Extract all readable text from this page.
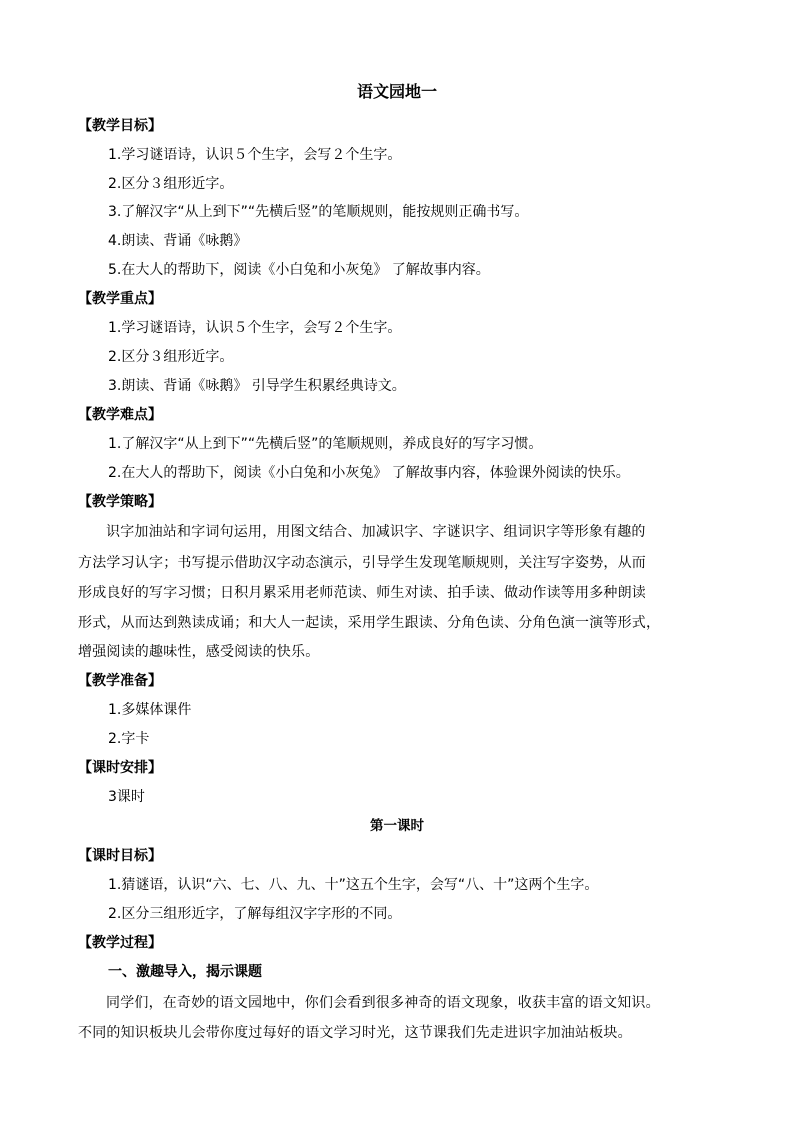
语文园地一
【教学目标】
1.学习谜语诗，认识５个生字，会写２个生字。
2.区分３组形近字。
3.了解汉字“从上到下”“先横后竖”的笔顺规则，能按规则正确书写。
4.朗读、背诵《咏鹅》
5.在大人的帮助下，阅读《小白兔和小灰兔》 了解故事内容。
【教学重点】
1.学习谜语诗，认识５个生字，会写２个生字。
2.区分３组形近字。
3.朗读、背诵《咏鹅》 引导学生积累经典诗文。
【教学难点】
1.了解汉字“从上到下”“先横后竖”的笔顺规则，养成良好的写字习惯。
2.在大人的帮助下，阅读《小白兔和小灰兔》 了解故事内容，体验课外阅读的快乐。
【教学策略】
识字加油站和字词句运用，用图文结合、加减识字、字谜识字、组词识字等形象有趣的
方法学习认字；书写提示借助汉字动态演示，引导学生发现笔顺规则，关注写字姿势，从而
形成良好的写字习惯；日积月累采用老师范读、师生对读、拍手读、做动作读等用多种朗读
形式，从而达到熟读成诵；和大人一起读，采用学生跟读、分角色读、分角色演一演等形式，
增强阅读的趣味性，感受阅读的快乐。
【教学准备】
1.多媒体课件
2.字卡
【课时安排】
3课时
第一课时
【课时目标】
1.猜谜语，认识“六、七、八、九、十”这五个生字，会写“八、十”这两个生字。
2.区分三组形近字，了解每组汉字字形的不同。
【教学过程】
一、激趣导入，揭示课题
同学们，在奇妙的语文园地中，你们会看到很多神奇的语文现象，收获丰富的语文知识。
不同的知识板块儿会带你度过每好的语文学习时光，这节课我们先走进识字加油站板块。
